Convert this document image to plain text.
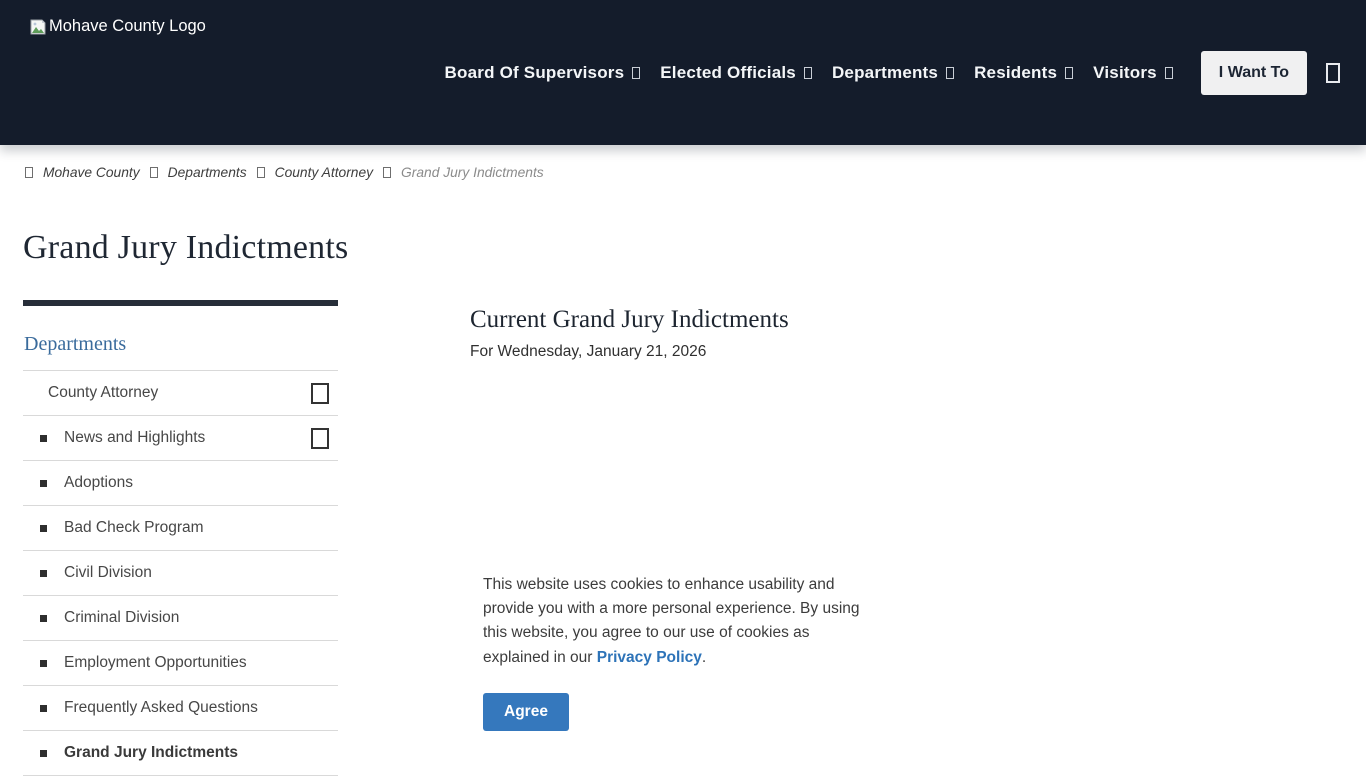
Mohave County Logo
Board Of Supervisors Elected Officials Departments Residents Visitors	I Want To
Mohave County Departments County Attorney Grand Jury Indictments
Grand Jury Indictments
Departments
County Attorney
News and Highlights
Adoptions
Bad Check Program
Civil Division
Criminal Division
Employment Opportunities
Frequently Asked Questions
Grand Jury Indictments
Current Grand Jury Indictments

For Wednesday, January 21, 2026

This website uses cookies to enhance usability and provide you with a more personal experience. By using this website, you agree to our use of cookies as explained in our Privacy Policy.

Agree
